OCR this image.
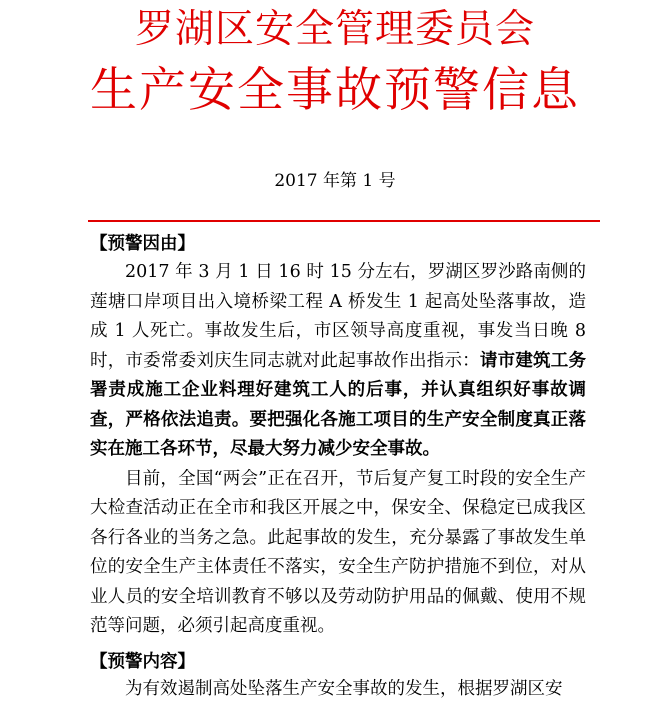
罗湖区安全管理委员会
生产安全事故预警信息
2017 年第 1 号
【预警因由】

2017 年 3 月 1 日 16 时 15 分左右，罗湖区罗沙路南侧的莲塘口岸项目出入境桥梁工程 A 桥发生 1 起高处坠落事故，造成 1 人死亡。事故发生后，市区领导高度重视，事发当日晚 8 时，市委常委刘庆生同志就对此起事故作出指示：请市建筑工务署责成施工企业料理好建筑工人的后事，并认真组织好事故调查，严格依法追责。要把强化各施工项目的生产安全制度真正落实在施工各环节，尽最大努力减少安全事故。

目前，全国“两会”正在召开，节后复产复工时段的安全生产大检查活动正在全市和我区开展之中，保安全、保稳定已成我区各行各业的当务之急。此起事故的发生，充分暴露了事故发生单位的安全生产主体责任不落实，安全生产防护措施不到位，对从业人员的安全培训教育不够以及劳动防护用品的佩戴、使用不规范等问题，必须引起高度重视。

【预警内容】

为有效遏制高处坠落生产安全事故的发生，根据罗湖区安
